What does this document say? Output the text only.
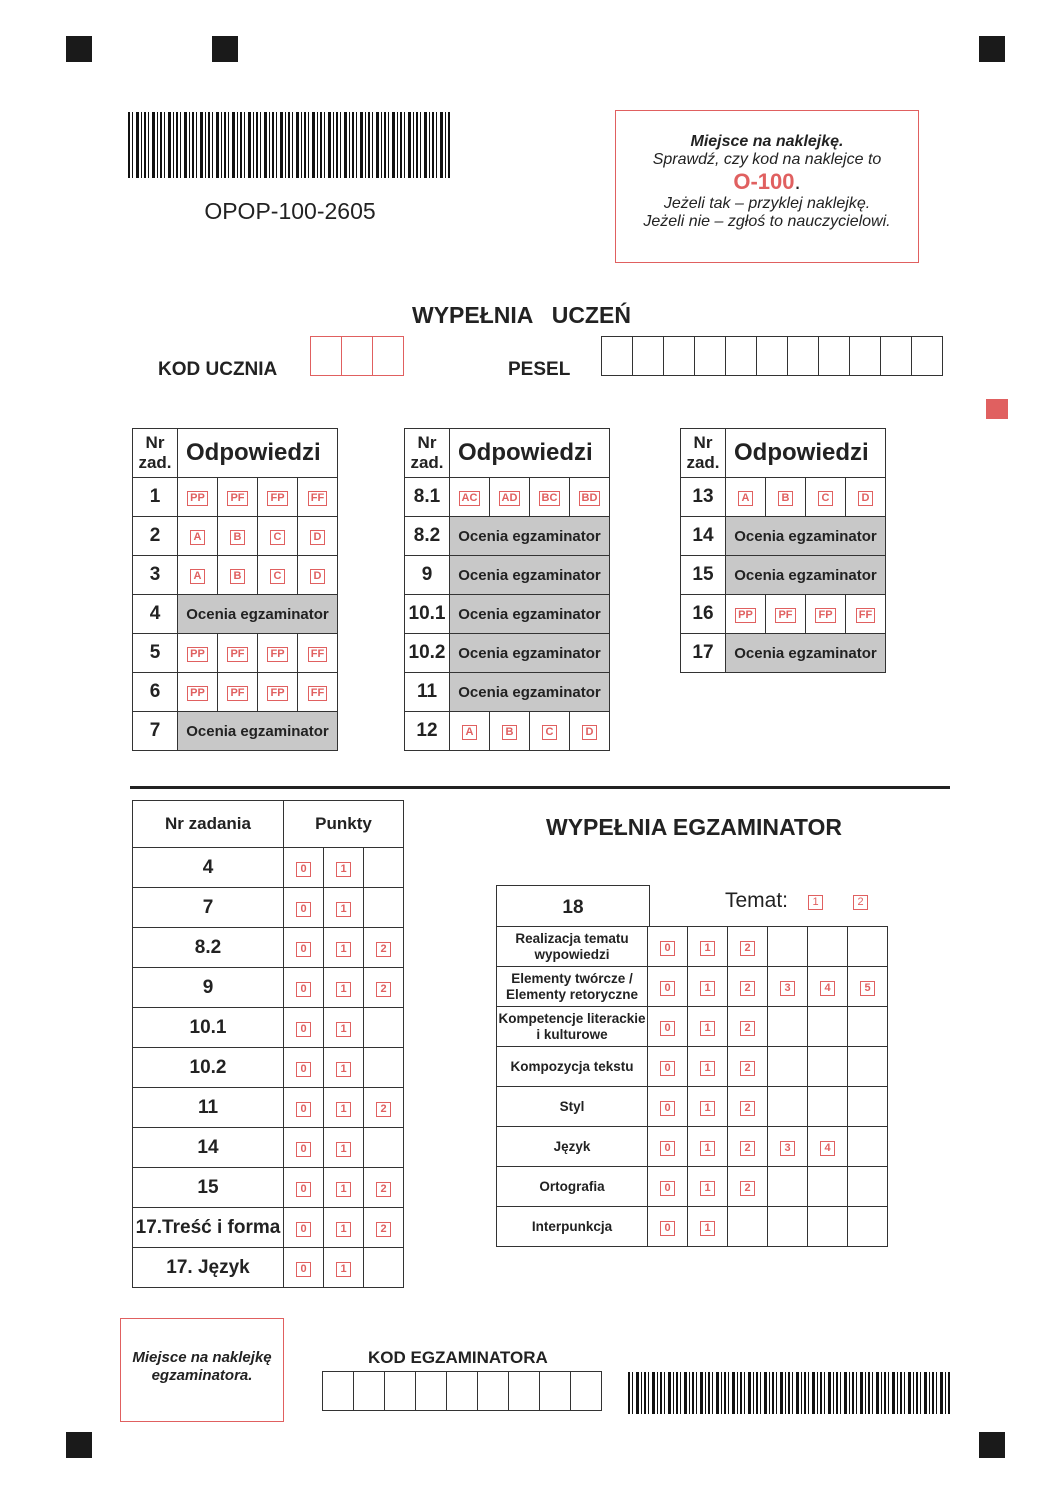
OPOP-100-2605
Miejsce na naklejkę.
Sprawdź, czy kod na naklejce to
O-100.
Jeżeli tak – przyklej naklejkę.
Jeżeli nie – zgłoś to nauczycielowi.
WYPEŁNIA   UCZEŃ
KOD UCZNIA	PESEL
Nr zad.	Odpowiedzi			
1	PP	PF	FP	FF
2	A	B	C	D
3	A	B	C	D
4	Ocenia egzaminator			
5	PP	PF	FP	FF
6	PP	PF	FP	FF
7	Ocenia egzaminator			
Nr zad.	Odpowiedzi			
8.1	AC	AD	BC	BD
8.2	Ocenia egzaminator			
9	Ocenia egzaminator			
10.1	Ocenia egzaminator			
10.2	Ocenia egzaminator			
11	Ocenia egzaminator			
12	A	B	C	D
Nr zad.	Odpowiedzi			
13	A	B	C	D
14	Ocenia egzaminator			
15	Ocenia egzaminator			
16	PP	PF	FP	FF
17	Ocenia egzaminator			
Nr zadania	Punkty		
4	0	1	
7	0	1	
8.2	0	1	2
9	0	1	2
10.1	0	1	
10.2	0	1	
11	0	1	2
14	0	1	
15	0	1	2
17.Treść i forma	0	1	2
17. Język	0	1	
WYPEŁNIA EGZAMINATOR
18	Temat:	1	2
Realizacja tematu wypowiedzi	0	1	2			
Elementy twórcze / Elementy retoryczne	0	1	2	3	4	5
Kompetencje literackie i kulturowe	0	1	2			
Kompozycja tekstu	0	1	2			
Styl	0	1	2			
Język	0	1	2	3	4	
Ortografia	0	1	2			
Interpunkcja	0	1				
Miejsce na naklejkę egzaminatora.
KOD EGZAMINATORA
